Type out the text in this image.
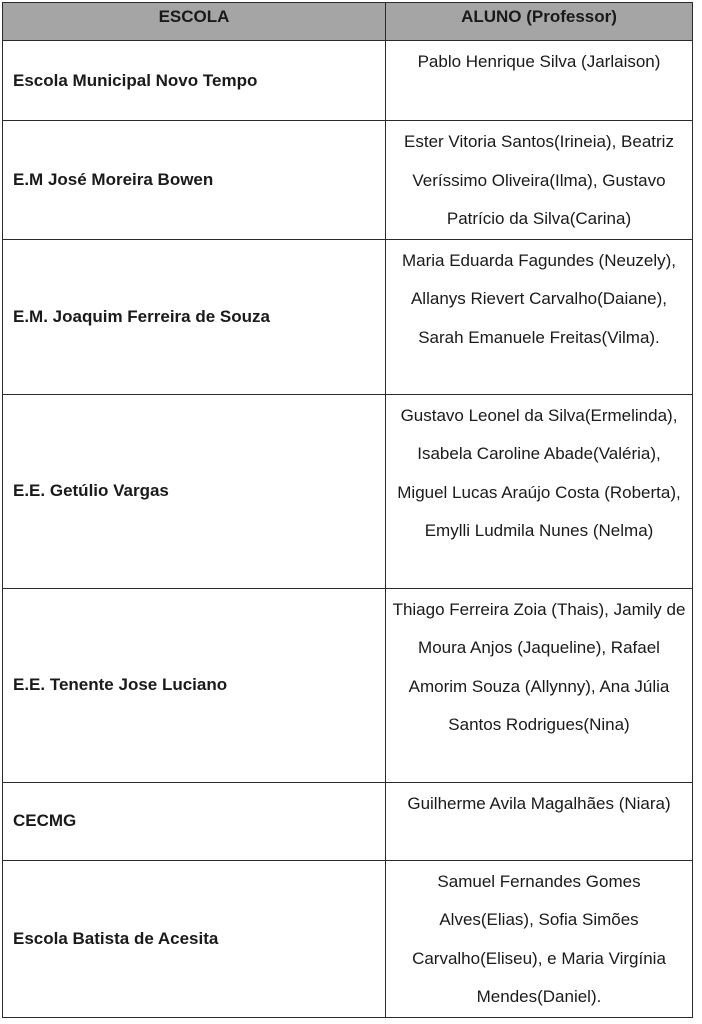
ESCOLA	ALUNO (Professor)
Escola Municipal Novo Tempo	Pablo Henrique Silva (Jarlaison)
E.M José Moreira Bowen	Ester Vitoria Santos(Irineia), Beatriz Veríssimo Oliveira(Ilma), Gustavo Patrício da Silva(Carina)
E.M. Joaquim Ferreira de Souza	Maria Eduarda Fagundes (Neuzely), Allanys Rievert Carvalho(Daiane), Sarah Emanuele Freitas(Vilma).
E.E. Getúlio Vargas	Gustavo Leonel da Silva(Ermelinda), Isabela Caroline Abade(Valéria), Miguel Lucas Araújo Costa (Roberta), Emylli Ludmila Nunes (Nelma)
E.E. Tenente Jose Luciano	Thiago Ferreira Zoia (Thais), Jamily de Moura Anjos (Jaqueline), Rafael Amorim Souza (Allynny), Ana Júlia Santos Rodrigues(Nina)
CECMG	Guilherme Avila Magalhães (Niara)
Escola Batista de Acesita	Samuel Fernandes Gomes Alves(Elias), Sofia Simões Carvalho(Eliseu), e Maria Virgínia Mendes(Daniel).
